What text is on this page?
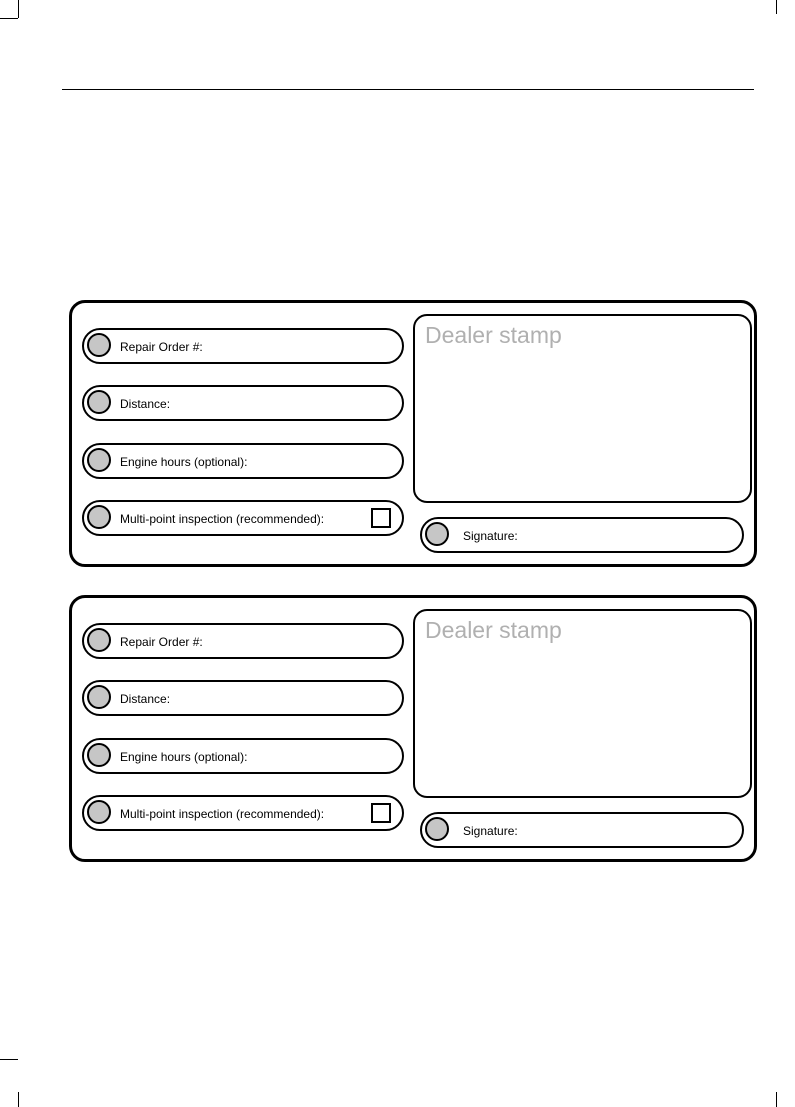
Repair Order #:
Distance:
Engine hours (optional):
Multi-point inspection (recommended):
Dealer stamp
Signature:
Repair Order #:
Distance:
Engine hours (optional):
Multi-point inspection (recommended):
Dealer stamp
Signature:
